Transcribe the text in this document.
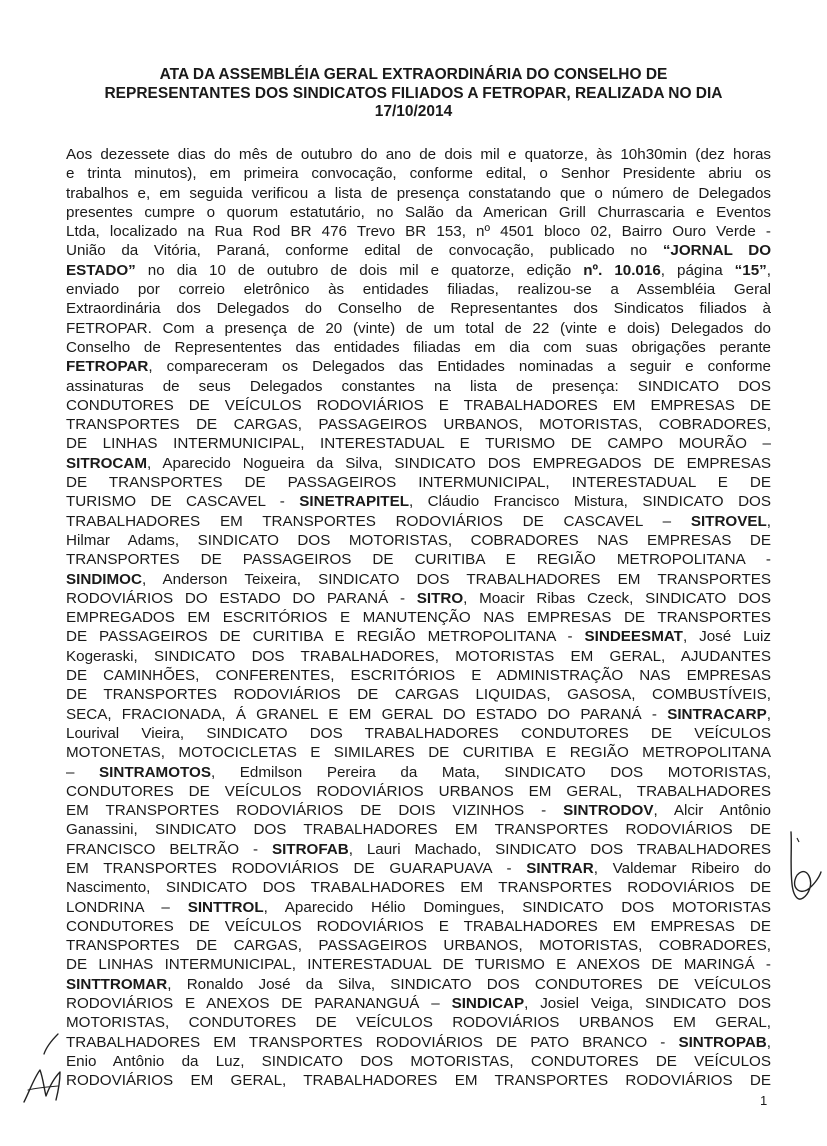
ATA DA ASSEMBLÉIA GERAL EXTRAORDINÁRIA DO CONSELHO DE
REPRESENTANTES DOS SINDICATOS FILIADOS A FETROPAR, REALIZADA NO DIA
17/10/2014
Aos dezessete dias do mês de outubro do ano de dois mil e quatorze, às 10h30min (dez horas
e trinta minutos), em primeira convocação, conforme edital, o Senhor Presidente abriu os
trabalhos e, em seguida verificou a lista de presença constatando que o número de Delegados
presentes cumpre o quorum estatutário, no Salão da American Grill Churrascaria e Eventos
Ltda, localizado na Rua Rod BR 476 Trevo BR 153, nº 4501 bloco 02, Bairro Ouro Verde -
União da Vitória, Paraná, conforme edital de convocação, publicado no “JORNAL DO
ESTADO” no dia 10 de outubro de dois mil e quatorze, edição nº. 10.016, página “15”,
enviado por correio eletrônico às entidades filiadas, realizou-se a Assembléia Geral
Extraordinária dos Delegados do Conselho de Representantes dos Sindicatos filiados à
FETROPAR. Com a presença de 20 (vinte) de um total de 22 (vinte e dois) Delegados do
Conselho de Represententes das entidades filiadas em dia com suas obrigações perante
FETROPAR, compareceram os Delegados das Entidades nominadas a seguir e conforme
assinaturas de seus Delegados constantes na lista de presença: SINDICATO DOS
CONDUTORES DE VEÍCULOS RODOVIÁRIOS E TRABALHADORES EM EMPRESAS DE
TRANSPORTES DE CARGAS, PASSAGEIROS URBANOS, MOTORISTAS, COBRADORES,
DE LINHAS INTERMUNICIPAL, INTERESTADUAL E TURISMO DE CAMPO MOURÃO –
SITROCAM, Aparecido Nogueira da Silva, SINDICATO DOS EMPREGADOS DE EMPRESAS
DE TRANSPORTES DE PASSAGEIROS INTERMUNICIPAL, INTERESTADUAL E DE
TURISMO DE CASCAVEL - SINETRAPITEL, Cláudio Francisco Mistura, SINDICATO DOS
TRABALHADORES EM TRANSPORTES RODOVIÁRIOS DE CASCAVEL – SITROVEL,
Hilmar Adams, SINDICATO DOS MOTORISTAS, COBRADORES NAS EMPRESAS DE
TRANSPORTES DE PASSAGEIROS DE CURITIBA E REGIÃO METROPOLITANA -
SINDIMOC, Anderson Teixeira, SINDICATO DOS TRABALHADORES EM TRANSPORTES
RODOVIÁRIOS DO ESTADO DO PARANÁ - SITRO, Moacir Ribas Czeck, SINDICATO DOS
EMPREGADOS EM ESCRITÓRIOS E MANUTENÇÃO NAS EMPRESAS DE TRANSPORTES
DE PASSAGEIROS DE CURITIBA E REGIÃO METROPOLITANA - SINDEESMAT, José Luiz
Kogeraski, SINDICATO DOS TRABALHADORES, MOTORISTAS EM GERAL, AJUDANTES
DE CAMINHÕES, CONFERENTES, ESCRITÓRIOS E ADMINISTRAÇÃO NAS EMPRESAS
DE TRANSPORTES RODOVIÁRIOS DE CARGAS LIQUIDAS, GASOSA, COMBUSTÍVEIS,
SECA, FRACIONADA, Á GRANEL E EM GERAL DO ESTADO DO PARANÁ - SINTRACARP,
Lourival Vieira, SINDICATO DOS TRABALHADORES CONDUTORES DE VEÍCULOS
MOTONETAS, MOTOCICLETAS E SIMILARES DE CURITIBA E REGIÃO METROPOLITANA
– SINTRAMOTOS, Edmilson Pereira da Mata, SINDICATO DOS MOTORISTAS,
CONDUTORES DE VEÍCULOS RODOVIÁRIOS URBANOS EM GERAL, TRABALHADORES
EM TRANSPORTES RODOVIÁRIOS DE DOIS VIZINHOS - SINTRODOV, Alcir Antônio
Ganassini, SINDICATO DOS TRABALHADORES EM TRANSPORTES RODOVIÁRIOS DE
FRANCISCO BELTRÃO - SITROFAB, Lauri Machado, SINDICATO DOS TRABALHADORES
EM TRANSPORTES RODOVIÁRIOS DE GUARAPUAVA - SINTRAR, Valdemar Ribeiro do
Nascimento, SINDICATO DOS TRABALHADORES EM TRANSPORTES RODOVIÁRIOS DE
LONDRINA – SINTTROL, Aparecido Hélio Domingues, SINDICATO DOS MOTORISTAS
CONDUTORES DE VEÍCULOS RODOVIÁRIOS E TRABALHADORES EM EMPRESAS DE
TRANSPORTES DE CARGAS, PASSAGEIROS URBANOS, MOTORISTAS, COBRADORES,
DE LINHAS INTERMUNICIPAL, INTERESTADUAL DE TURISMO E ANEXOS DE MARINGÁ -
SINTTROMAR, Ronaldo José da Silva, SINDICATO DOS CONDUTORES DE VEÍCULOS
RODOVIÁRIOS E ANEXOS DE PARANANGUÁ – SINDICAP, Josiel Veiga, SINDICATO DOS
MOTORISTAS, CONDUTORES DE VEÍCULOS RODOVIÁRIOS URBANOS EM GERAL,
TRABALHADORES EM TRANSPORTES RODOVIÁRIOS DE PATO BRANCO - SINTROPAB,
Enio Antônio da Luz, SINDICATO DOS MOTORISTAS, CONDUTORES DE VEÍCULOS
RODOVIÁRIOS EM GERAL, TRABALHADORES EM TRANSPORTES RODOVIÁRIOS DE
1
